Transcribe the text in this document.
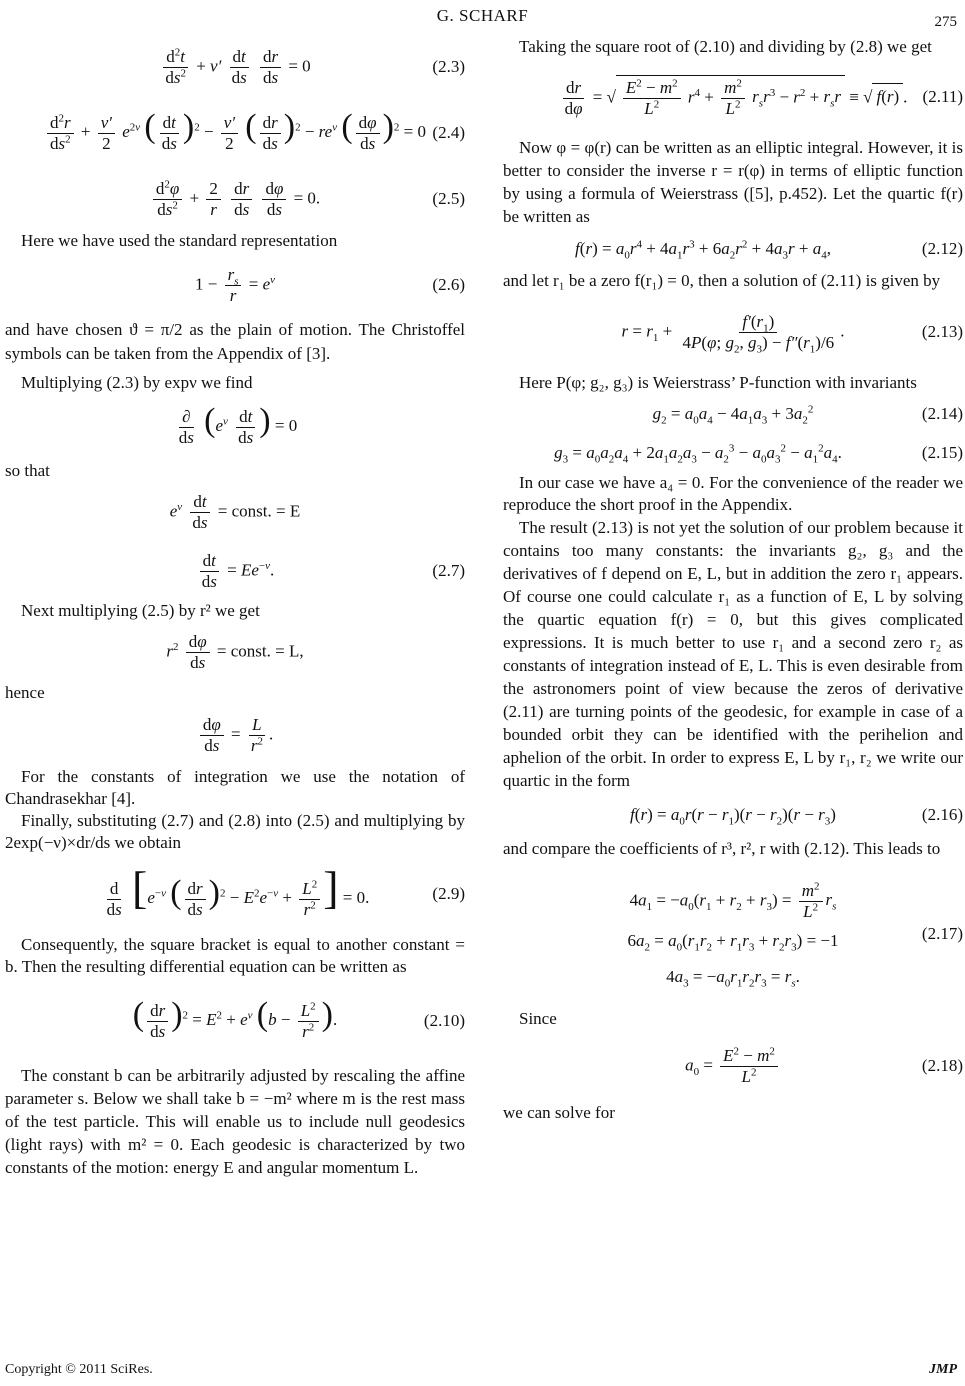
G. SCHARF	275
$\frac{d^2t}{ds^2} + \nu' \frac{dt}{ds}$
$\frac{dr}{ds} = 0$	(2.3)
$\frac{d^2r}{ds^2} + \frac{\nu'}{2} e^{2\nu}$ ( $\frac{dt}{ds} )^2 - \frac{\nu'}{2}$ ( $\frac{dr}{ds} )^2 - re^\nu$ ( $\frac{d\varphi}{ds} )^2 = 0$ (2.4)
$\frac{d^2\varphi}{ds^2} + \frac{2}{r}$
$\frac{dr}{ds}$
$\frac{d\varphi}{ds} = 0$.	(2.5)

Here we have used the standard representation

$1 - \frac{r_s}{r} = e^\nu$	(2.6)

and have chosen ϑ = π/2 as the plain of motion. The Christoffel symbols can be taken from the Appendix of [3].

Multiplying (2.3) by expν we find

$\frac{\partial}{ds} (e^\nu \frac{dt}{ds}$ ) = 0

so that

$e^\nu \frac{dt}{ds}$ = const. = E
$\frac{dt}{ds} = Ee^{-\nu}$.	(2.7)

Next multiplying (2.5) by r² we get

$r^2 \frac{d\varphi}{ds}$ = const. = L,

hence

$\frac{d\varphi}{ds} = \frac{L}{r^2}$ .

For the constants of integration we use the notation of Chandrasekhar [4].

Finally, substituting (2.7) and (2.8) into (2.5) and multiplying by 2exp(−ν)×dr/ds we obtain

$\frac{d}{ds} [e^{-\nu}$ ( $\frac{dr}{ds} )^2 - E^2e^{-\nu} + \frac{L^2}{r^2}$ ] = 0.	(2.9)

Consequently, the square bracket is equal to another constant = b. Then the resulting differential equation can be written as

( $\frac{dr}{ds} )^2 = E^2 + e^\nu$ ($b - \frac{L^2}{r^2}$ ).	(2.10)

The constant b can be arbitrarily adjusted by rescaling the affine parameter s. Below we shall take b = −m² where m is the rest mass of the test particle. This will enable us to include null geodesics (light rays) with m² = 0. Each geodesic is characterized by two constants of the motion: energy E and angular momentum L.

Taking the square root of (2.10) and dividing by (2.8) we get

$\frac{dr}{d\varphi}$ = √ $\frac{E^2 - m^2}{L^2} r^4 + \frac{m^2}{L^2} r_sr^3 - r^2 + r_sr$ ≡ √ f(r) . (2.11)

Now φ = φ(r) can be written as an elliptic integral. However, it is better to consider the inverse r = r(φ) in terms of elliptic function by using a formula of Weierstrass ([5], p.452). Let the quartic f(r) be written as

$f(r) = a_0r^4 + 4a_1r^3 + 6a_2r^2 + 4a_3r + a_4$,	(2.12)

and let r₁ be a zero f(r₁) = 0, then a solution of (2.11) is given by

$r = r_1 + \frac{f'(r_1)}{4P(\varphi; g_2, g_3) - f''(r_1)/6}$ .	(2.13)

Here P(φ; g₂, g₃) is Weierstrass’ P-function with invariants

$g_2 = a_0a_4 - 4a_1a_3 + 3a_2^2$	(2.14)
$g_3 = a_0a_2a_4 + 2a_1a_2a_3 - a_2^3 - a_0a_3^2 - a_1^2a_4$.	(2.15)

In our case we have a₄ = 0. For the convenience of the reader we reproduce the short proof in the Appendix.

The result (2.13) is not yet the solution of our problem because it contains too many constants: the invariants g₂, g₃ and the derivatives of f depend on E, L, but in addition the zero r₁ appears. Of course one could calculate r₁ as a function of E, L by solving the quartic equation f(r) = 0, but this gives complicated expressions. It is much better to use r₁ and a second zero r₂ as constants of integration instead of E, L. This is even desirable from the astronomers point of view because the zeros of derivative (2.11) are turning points of the geodesic, for example in case of a bounded orbit they can be identified with the perihelion and aphelion of the orbit. In order to express E, L by r₁, r₂ we write our quartic in the form

$f(r) = a_0r(r - r_1)(r - r_2)(r - r_3)$	(2.16)

and compare the coefficients of r³, r², r with (2.12). This leads to

$4a_1 = -a_0(r_1 + r_2 + r_3) = \frac{m^2}{L^2} r_s$
$6a_2 = a_0(r_1r_2 + r_1r_3 + r_2r_3) = -1$
$4a_3 = -a_0r_1r_2r_3 = r_s$.
(2.17)

Since

$a_0 = \frac{E^2 - m^2}{L^2}$	(2.18)

we can solve for

Copyright © 2011 SciRes.	JMP
